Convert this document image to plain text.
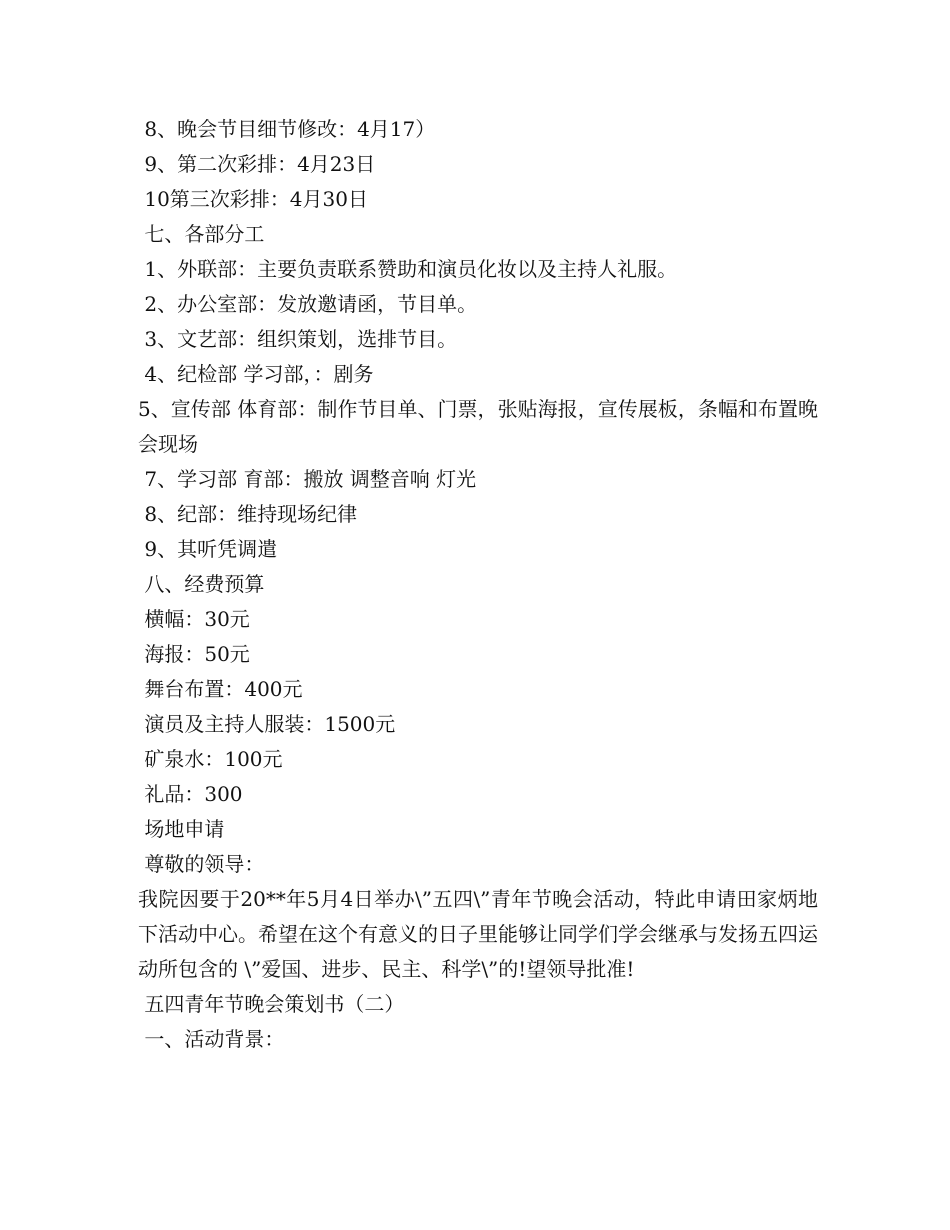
8、晚会节目细节修改：4月17）
9、第二次彩排：4月23日
10第三次彩排：4月30日
七、各部分工
1、外联部：主要负责联系赞助和演员化妆以及主持人礼服。
2、办公室部：发放邀请函，节目单。
3、文艺部：组织策划，选排节目。
4、纪检部 学习部，：剧务
5、宣传部 体育部：制作节目单、门票，张贴海报，宣传展板，条幅和布置晚会现场
7、学习部 育部：搬放 调整音响 灯光
8、纪部：维持现场纪律
9、其听凭调遣
八、经费预算
横幅：30元
海报：50元
舞台布置：400元
演员及主持人服装：1500元
矿泉水：100元
礼品：300
场地申请
尊敬的领导：
我院因要于20**年5月4日举办\”五四\”青年节晚会活动，特此申请田家炳地下活动中心。希望在这个有意义的日子里能够让同学们学会继承与发扬五四运动所包含的 \”爱国、进步、民主、科学\”的!望领导批准!
五四青年节晚会策划书（二）
一、活动背景：
